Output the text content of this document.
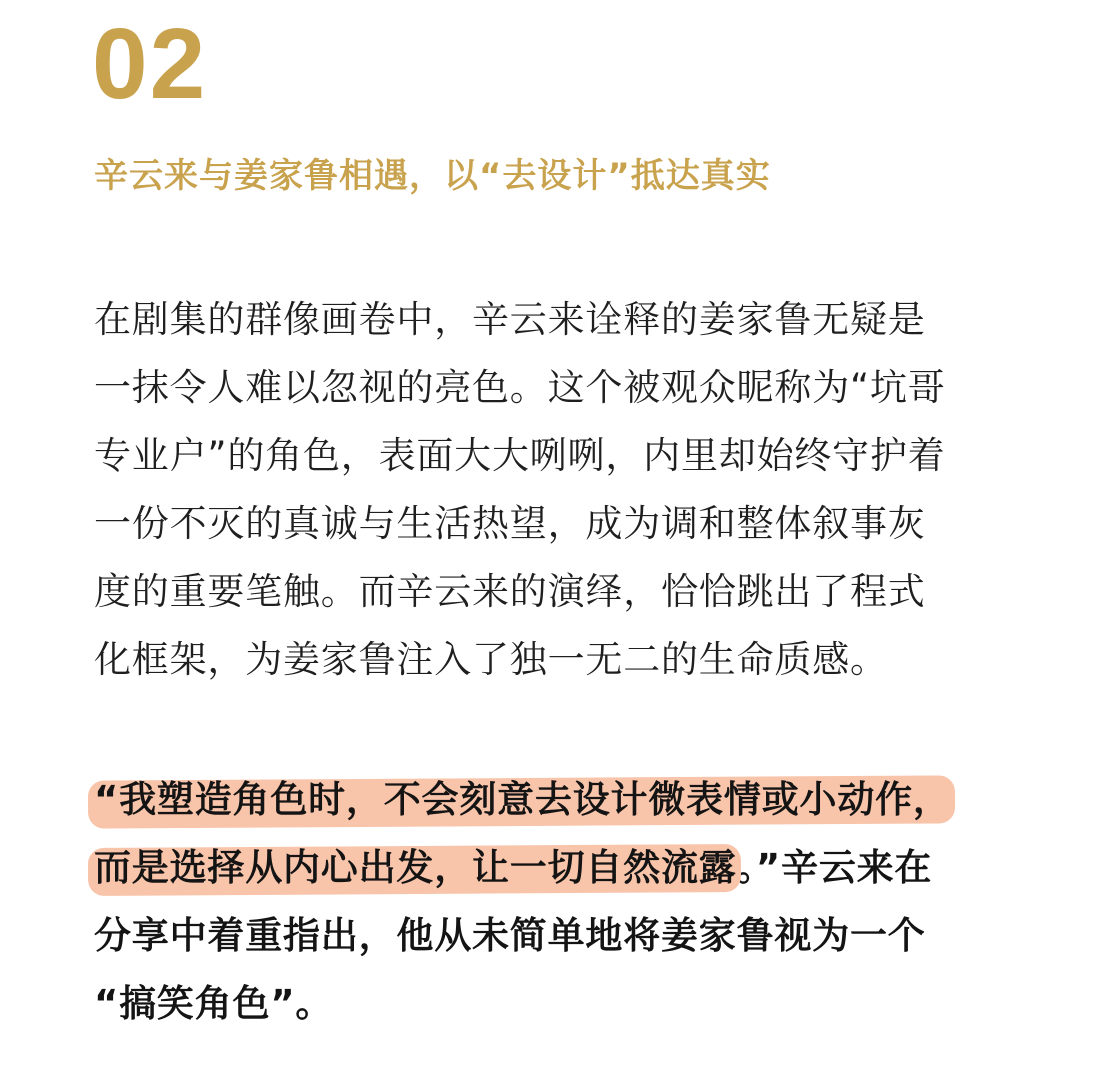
02
辛云来与姜家鲁相遇，以“去设计”抵达真实
在剧集的群像画卷中，辛云来诠释的姜家鲁无疑是
一抹令人难以忽视的亮色。这个被观众昵称为“坑哥
专业户”的角色，表面大大咧咧，内里却始终守护着
一份不灭的真诚与生活热望，成为调和整体叙事灰
度的重要笔触。而辛云来的演绎，恰恰跳出了程式
化框架，为姜家鲁注入了独一无二的生命质感。
“我塑造角色时，不会刻意去设计微表情或小动作，
而是选择从内心出发，让一切自然流露。”辛云来在
分享中着重指出，他从未简单地将姜家鲁视为一个
“搞笑角色”。
